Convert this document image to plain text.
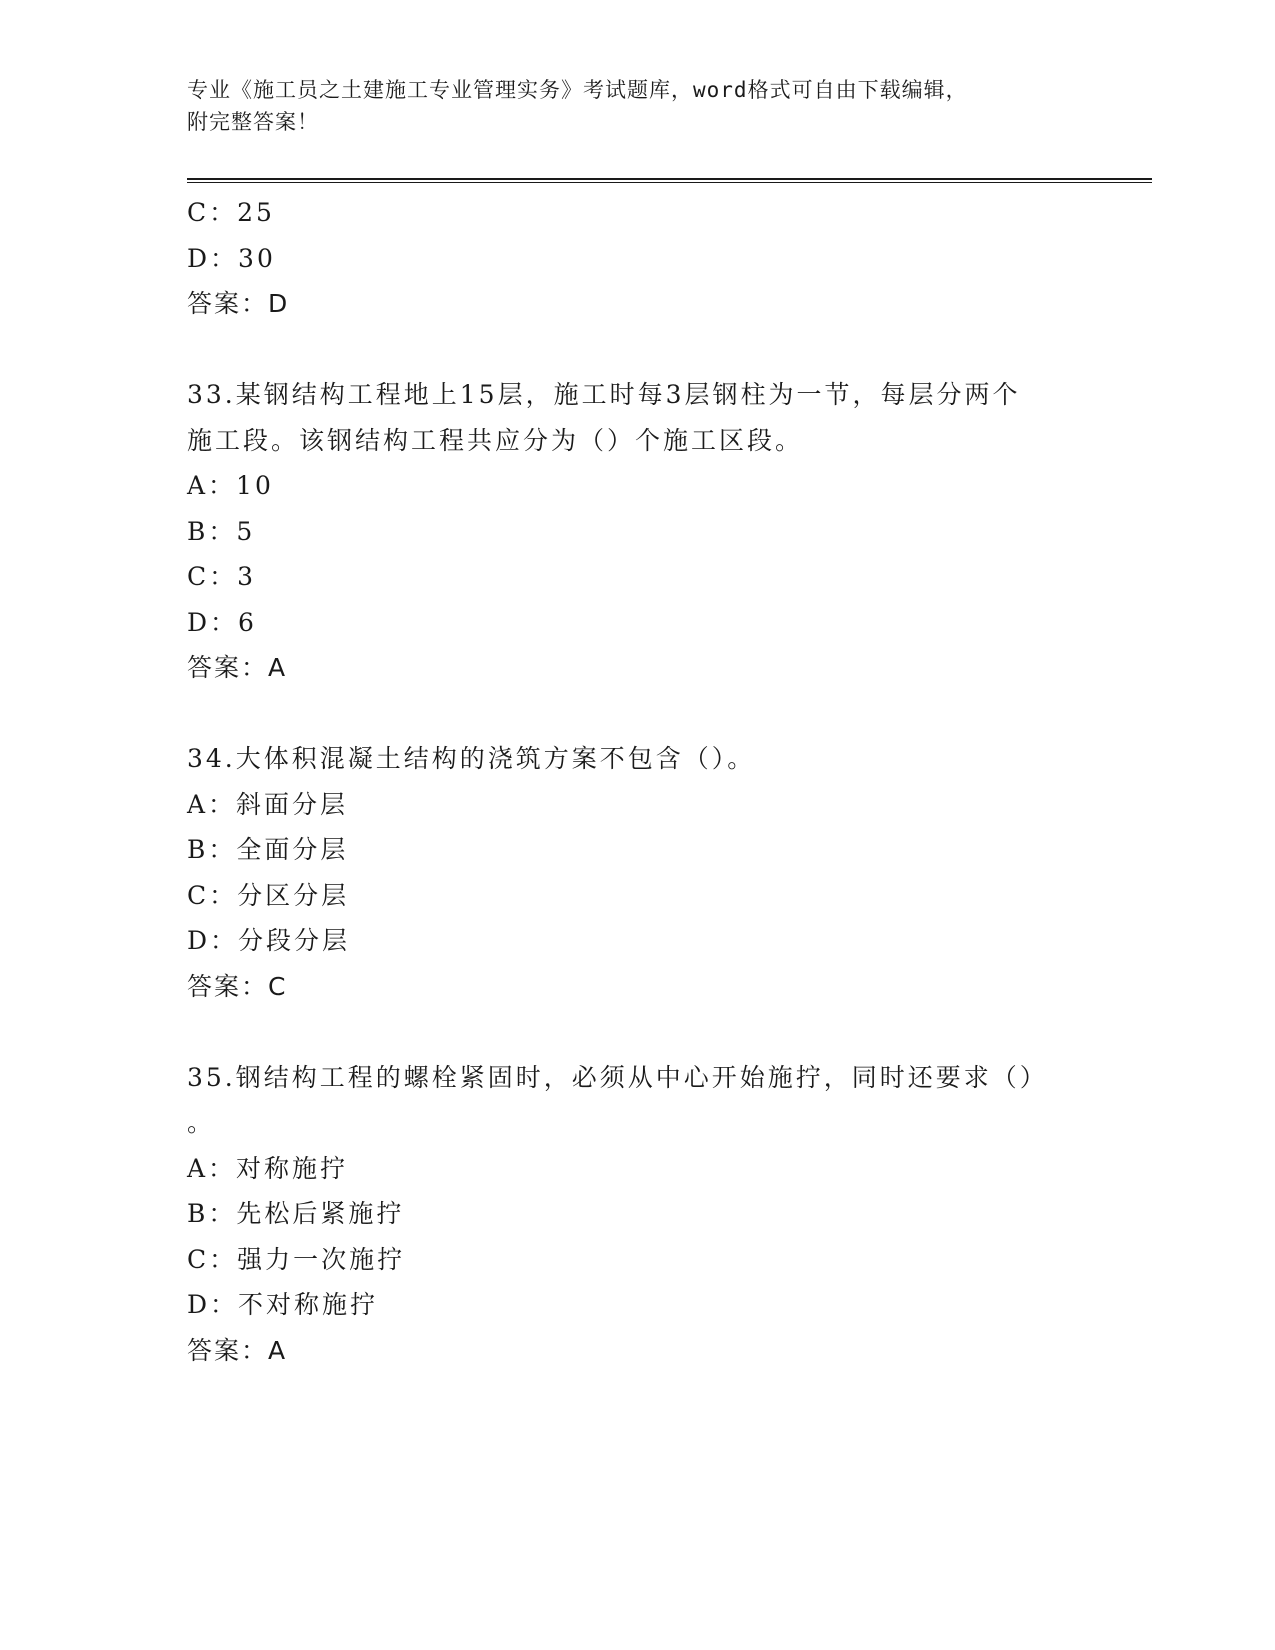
专业《施工员之土建施工专业管理实务》考试题库，word格式可自由下载编辑，
附完整答案！
C：25
D：30
答案：D
33.某钢结构工程地上15层，施工时每3层钢柱为一节，每层分两个
施工段。该钢结构工程共应分为（）个施工区段。
A：10
B：5
C：3
D：6
答案：A
34.大体积混凝土结构的浇筑方案不包含（）。
A：斜面分层
B：全面分层
C：分区分层
D：分段分层
答案：C
35.钢结构工程的螺栓紧固时，必须从中心开始施拧，同时还要求（）
。
A：对称施拧
B：先松后紧施拧
C：强力一次施拧
D：不对称施拧
答案：A
